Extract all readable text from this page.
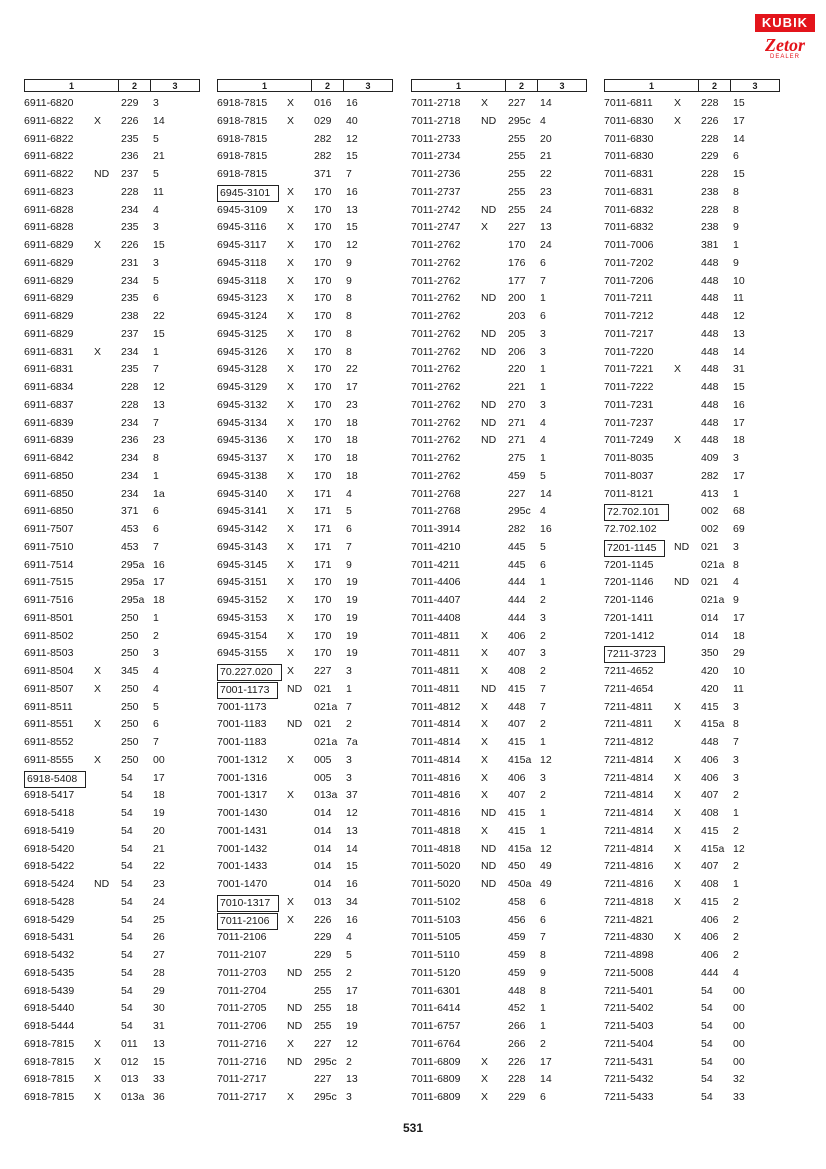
KUBIK
Zetor
DEALER
1	2	3
6911-6820	229 3
6911-6822 X 226 14
6911-6822	235 5
6911-6822	236 21
6911-6822 ND 237 5
6911-6823	228 11
6911-6828	234 4
6911-6828	235 3
6911-6829 X 226 15
6911-6829	231 3
6911-6829	234 5
6911-6829	235 6
6911-6829	238 22
6911-6829	237 15
6911-6831 X 234 1
6911-6831	235 7
6911-6834	228 12
6911-6837	228 13
6911-6839	234 7
6911-6839	236 23
6911-6842	234 8
6911-6850	234 1
6911-6850	234 1a
6911-6850	371 6
6911-7507	453 6
6911-7510	453 7
6911-7514	295a 16
6911-7515	295a 17
6911-7516	295a 18
6911-8501	250 1
6911-8502	250 2
6911-8503	250 3
6911-8504 X 345 4
6911-8507 X 250 4
6911-8511	250 5
6911-8551 X 250 6
6911-8552	250 7
6911-8555 X 250 00
6918-5408	54 17
6918-5417	54 18
6918-5418	54 19
6918-5419	54 20
6918-5420	54 21
6918-5422	54 22
6918-5424 ND 54 23
6918-5428	54 24
6918-5429	54 25
6918-5431	54 26
6918-5432	54 27
6918-5435	54 28
6918-5439	54 29
6918-5440	54 30
6918-5444	54 31
6918-7815 X 011 13
6918-7815 X 012 15
6918-7815 X 013 33
6918-7815 X 013a 36
1	2	3
6918-7815 X 016 16
6918-7815 X 029 40
6918-7815	282 12
6918-7815	282 15
6918-7815	371 7
6945-3101	X 170 16
6945-3109 X 170 13
6945-3116 X 170 15
6945-3117 X 170 12
6945-3118 X 170 9
6945-3118 X 170 9
6945-3123 X 170 8
6945-3124 X 170 8
6945-3125 X 170 8
6945-3126 X 170 8
6945-3128 X 170 22
6945-3129 X 170 17
6945-3132 X 170 23
6945-3134 X 170 18
6945-3136 X 170 18
6945-3137 X 170 18
6945-3138 X 170 18
6945-3140 X 171 4
6945-3141 X 171 5
6945-3142 X 171 6
6945-3143 X 171 7
6945-3145 X 171 9
6945-3151 X 170 19
6945-3152 X 170 19
6945-3153 X 170 19
6945-3154 X 170 19
6945-3155 X 170 19
70.227.020	X 227 3
7001-1173	ND 021 1
7001-1173	021a 7
7001-1183 ND 021 2
7001-1183	021a 7a
7001-1312 X 005 3
7001-1316	005 3
7001-1317 X 013a 37
7001-1430	014 12
7001-1431	014 13
7001-1432	014 14
7001-1433	014 15
7001-1470	014 16
7010-1317	X 013 34
7011-2106	X 226 16
7011-2106	229 4
7011-2107	229 5
7011-2703 ND 255 2
7011-2704	255 17
7011-2705 ND 255 18
7011-2706 ND 255 19
7011-2716 X 227 12
7011-2716 ND 295c 2
7011-2717	227 13
7011-2717 X 295c 3
1	2	3
7011-2718 X 227 14
7011-2718 ND 295c 4
7011-2733	255 20
7011-2734	255 21
7011-2736	255 22
7011-2737	255 23
7011-2742 ND 255 24
7011-2747 X 227 13
7011-2762	170 24
7011-2762	176 6
7011-2762	177 7
7011-2762 ND 200 1
7011-2762	203 6
7011-2762 ND 205 3
7011-2762 ND 206 3
7011-2762	220 1
7011-2762	221 1
7011-2762 ND 270 3
7011-2762 ND 271 4
7011-2762 ND 271 4
7011-2762	275 1
7011-2762	459 5
7011-2768	227 14
7011-2768	295c 4
7011-3914	282 16
7011-4210	445 5
7011-4211	445 6
7011-4406	444 1
7011-4407	444 2
7011-4408	444 3
7011-4811 X 406 2
7011-4811 X 407 3
7011-4811 X 408 2
7011-4811 ND 415 7
7011-4812 X 448 7
7011-4814 X 407 2
7011-4814 X 415 1
7011-4814 X 415a 12
7011-4816 X 406 3
7011-4816 X 407 2
7011-4816 ND 415 1
7011-4818 X 415 1
7011-4818 ND 415a 12
7011-5020 ND 450 49
7011-5020 ND 450a 49
7011-5102	458 6
7011-5103	456 6
7011-5105	459 7
7011-5110	459 8
7011-5120	459 9
7011-6301	448 8
7011-6414	452 1
7011-6757	266 1
7011-6764	266 2
7011-6809 X 226 17
7011-6809 X 228 14
7011-6809 X 229 6
1	2	3
7011-6811 X 228 15
7011-6830 X 226 17
7011-6830	228 14
7011-6830	229 6
7011-6831	228 15
7011-6831	238 8
7011-6832	228 8
7011-6832	238 9
7011-7006	381 1
7011-7202	448 9
7011-7206	448 10
7011-7211	448 11
7011-7212	448 12
7011-7217	448 13
7011-7220	448 14
7011-7221 X 448 31
7011-7222	448 15
7011-7231	448 16
7011-7237	448 17
7011-7249 X 448 18
7011-8035	409 3
7011-8037	282 17
7011-8121	413 1
72.702.101	002 68
72.702.102	002 69
7201-1145	ND 021 3
7201-1145	021a 8
7201-1146 ND 021 4
7201-1146	021a 9
7201-1411	014 17
7201-1412	014 18
7211-3723	350 29
7211-4652	420 10
7211-4654	420 11
7211-4811 X 415 3
7211-4811 X 415a 8
7211-4812	448 7
7211-4814 X 406 3
7211-4814 X 406 3
7211-4814 X 407 2
7211-4814 X 408 1
7211-4814 X 415 2
7211-4814 X 415a 12
7211-4816 X 407 2
7211-4816 X 408 1
7211-4818 X 415 2
7211-4821	406 2
7211-4830 X 406 2
7211-4898	406 2
7211-5008	444 4
7211-5401	54 00
7211-5402	54 00
7211-5403	54 00
7211-5404	54 00
7211-5431	54 00
7211-5432	54 32
7211-5433	54 33
531
